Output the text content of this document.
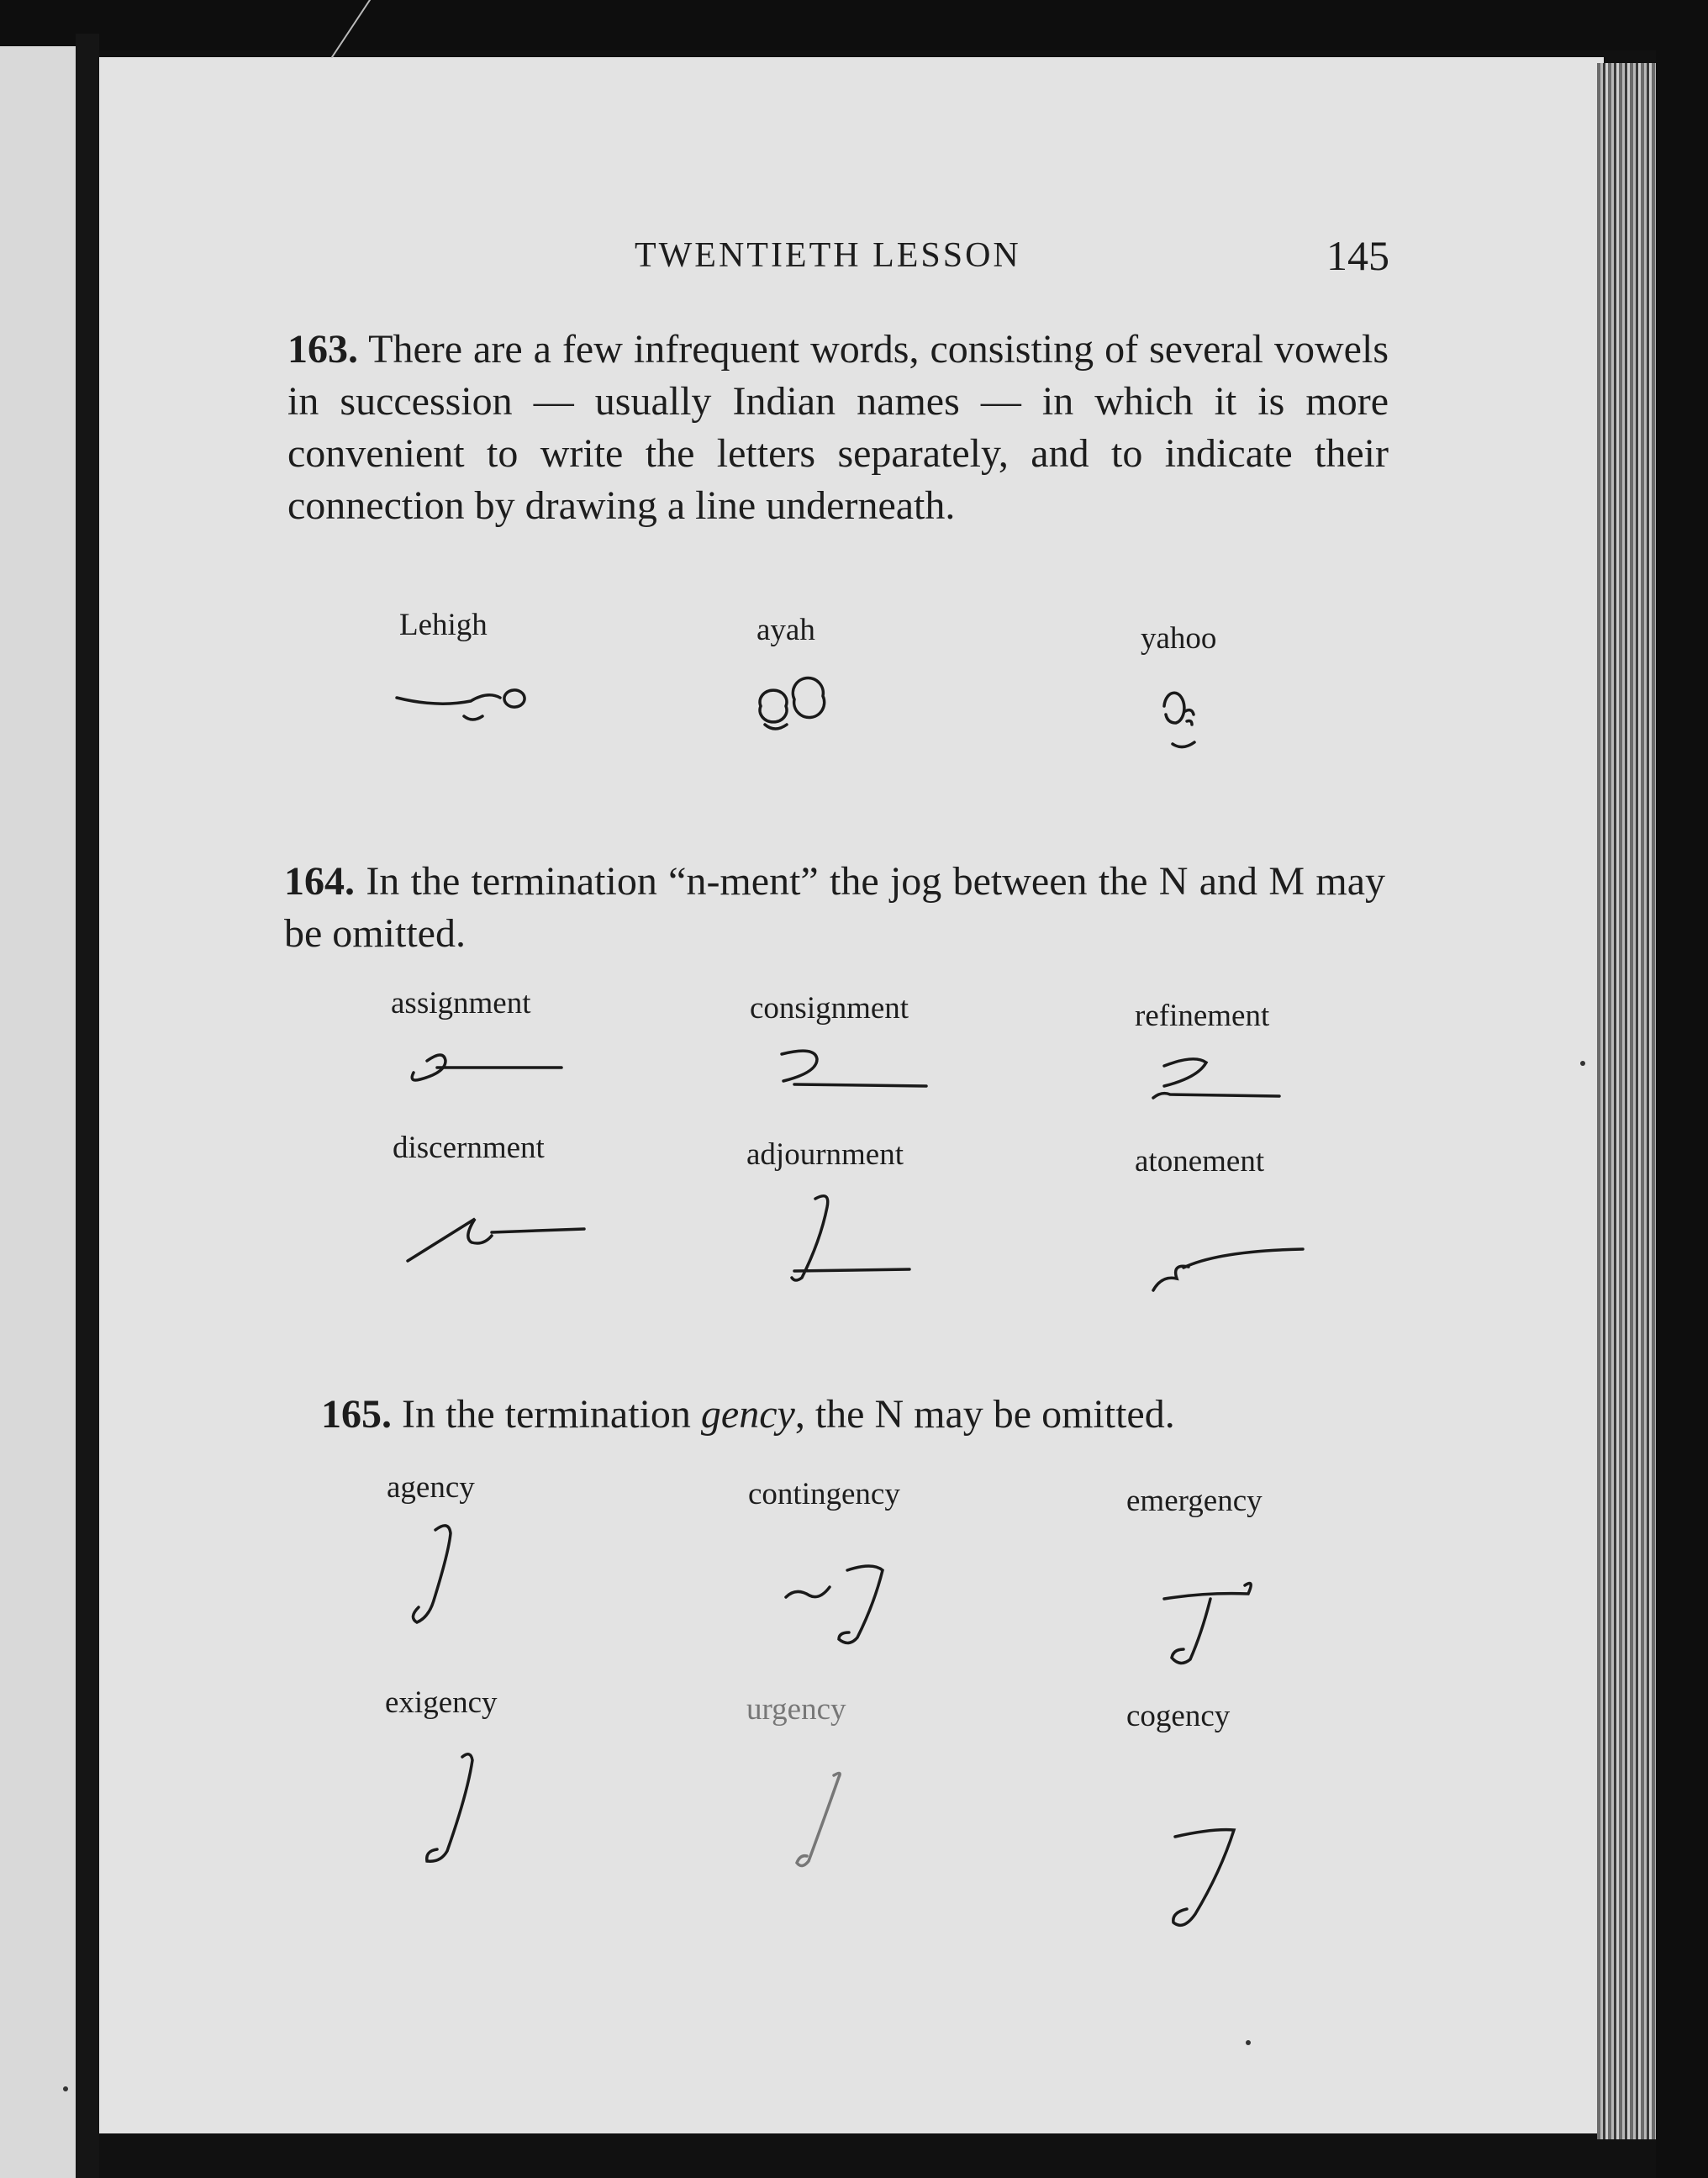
TWENTIETH LESSON	145
163. There are a few infrequent words, consisting of several vowels in succession — usually Indian names — in which it is more convenient to write the letters separately, and to indicate their connection by drawing a line underneath.
Lehigh	ayah	yahoo
164. In the termination “n-ment” the jog between the N and M may be omitted.
assignment	consignment	refinement
discernment	adjournment	atonement
165. In the termination gency, the N may be omitted.
agency	contingency	emergency
exigency	urgency	cogency
